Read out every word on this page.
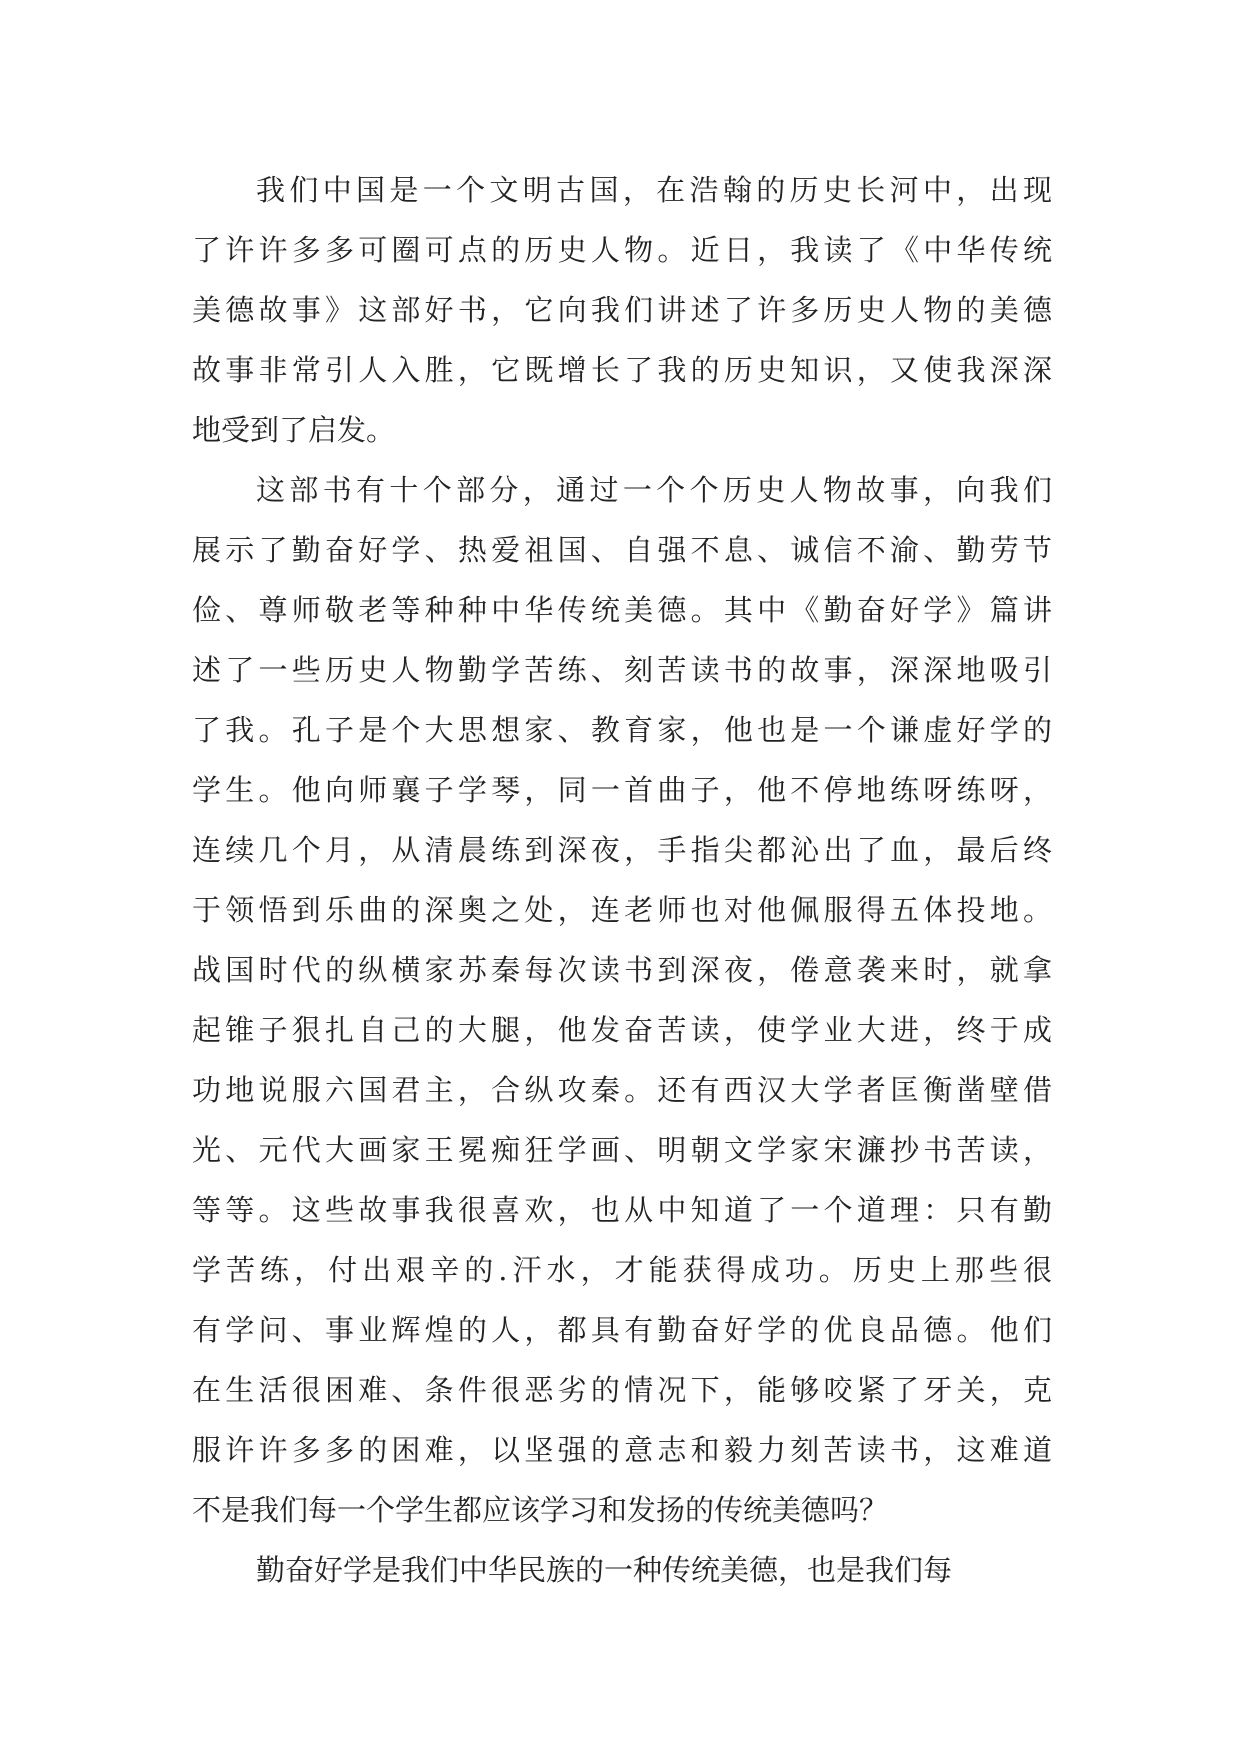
我们中国是一个文明古国，在浩翰的历史长河中，出现
了许许多多可圈可点的历史人物。近日，我读了《中华传统
美德故事》这部好书，它向我们讲述了许多历史人物的美德
故事非常引人入胜，它既增长了我的历史知识，又使我深深
地受到了启发。
这部书有十个部分，通过一个个历史人物故事，向我们
展示了勤奋好学、热爱祖国、自强不息、诚信不渝、勤劳节
俭、尊师敬老等种种中华传统美德。其中《勤奋好学》篇讲
述了一些历史人物勤学苦练、刻苦读书的故事，深深地吸引
了我。孔子是个大思想家、教育家，他也是一个谦虚好学的
学生。他向师襄子学琴，同一首曲子，他不停地练呀练呀，
连续几个月，从清晨练到深夜，手指尖都沁出了血，最后终
于领悟到乐曲的深奥之处，连老师也对他佩服得五体投地。
战国时代的纵横家苏秦每次读书到深夜，倦意袭来时，就拿
起锥子狠扎自己的大腿，他发奋苦读，使学业大进，终于成
功地说服六国君主，合纵攻秦。还有西汉大学者匡衡凿壁借
光、元代大画家王冕痴狂学画、明朝文学家宋濂抄书苦读，
等等。这些故事我很喜欢，也从中知道了一个道理：只有勤
学苦练，付出艰辛的.汗水，才能获得成功。历史上那些很
有学问、事业辉煌的人，都具有勤奋好学的优良品德。他们
在生活很困难、条件很恶劣的情况下，能够咬紧了牙关，克
服许许多多的困难，以坚强的意志和毅力刻苦读书，这难道
不是我们每一个学生都应该学习和发扬的传统美德吗？
勤奋好学是我们中华民族的一种传统美德，也是我们每
